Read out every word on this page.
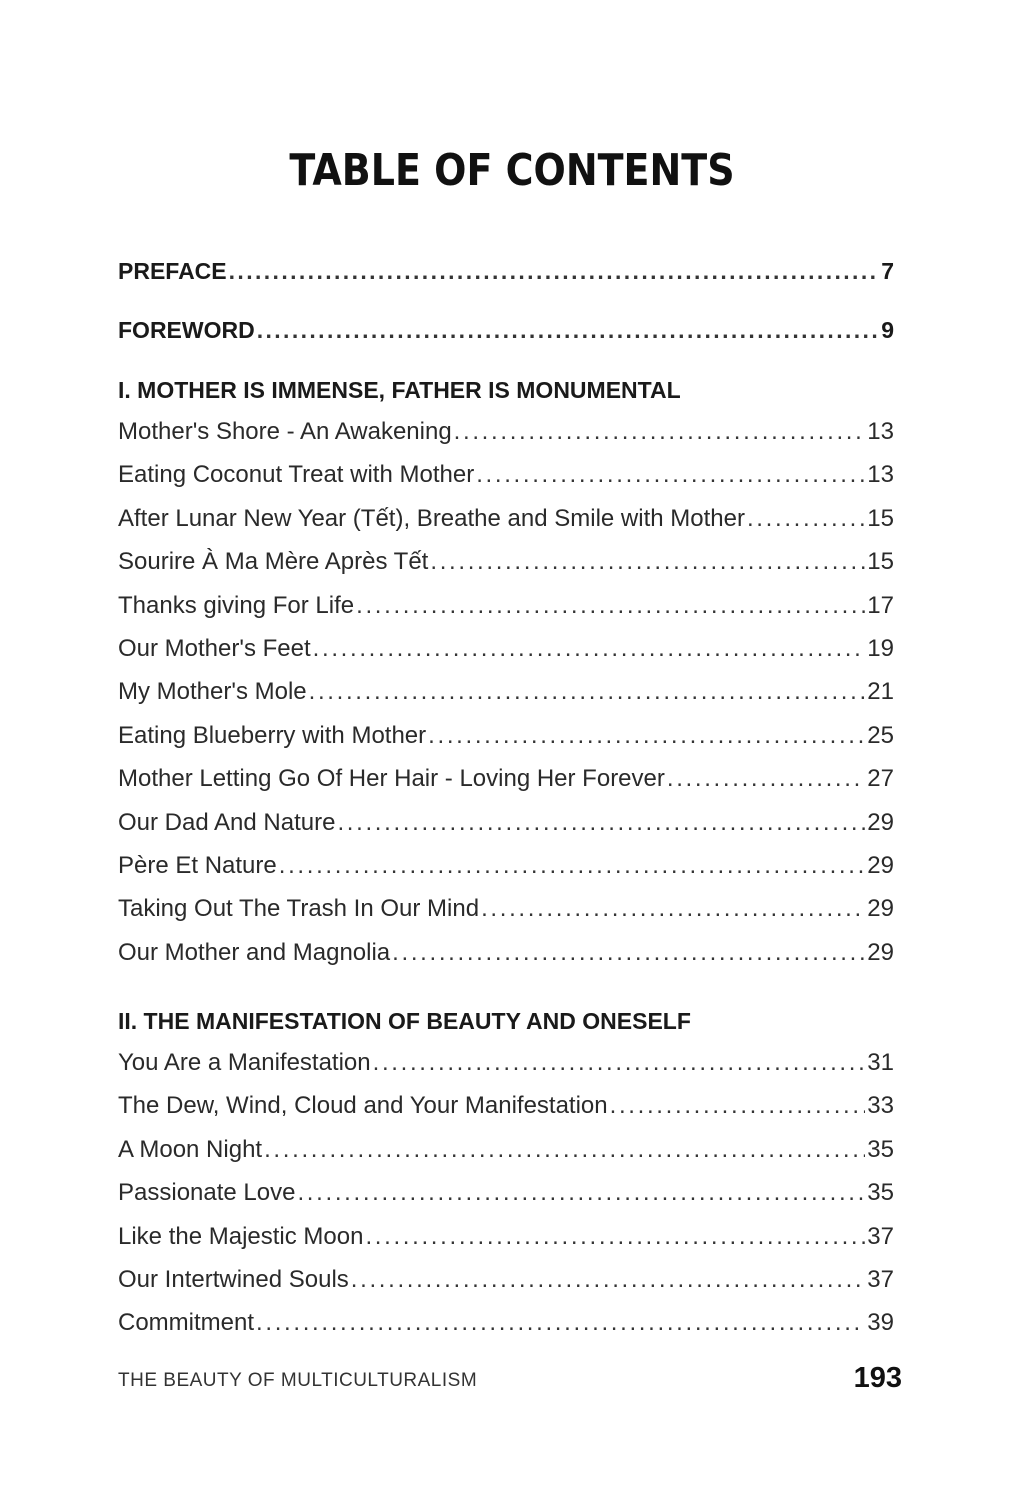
TABLE OF CONTENTS
PREFACE . . .	7
FOREWORD . . .	9
I. MOTHER IS IMMENSE, FATHER IS MONUMENTAL
Mother's Shore - An Awakening . . .	13
Eating Coconut Treat with Mother . . .	13
After Lunar New Year (Tết), Breathe and Smile with Mother . . .	15
Sourire À Ma Mère Après Tết . . .	15
Thanks giving For Life . . .	17
Our Mother's Feet . . .	19
My Mother's Mole . . .	21
Eating Blueberry with Mother . . .	25
Mother Letting Go Of Her Hair - Loving Her Forever . . .	27
Our Dad And Nature . . .	29
Père Et Nature . . .	29
Taking Out The Trash In Our Mind . . .	29
Our Mother and Magnolia . . .	29
II. THE MANIFESTATION OF BEAUTY AND ONESELF
You Are a Manifestation . . .	31
The Dew, Wind, Cloud and Your Manifestation . . .	33
A Moon Night . . .	35
Passionate Love . . .	35
Like the Majestic Moon . . .	37
Our Intertwined Souls . . .	37
Commitment . . .	39
THE BEAUTY OF MULTICULTURALISM	193
